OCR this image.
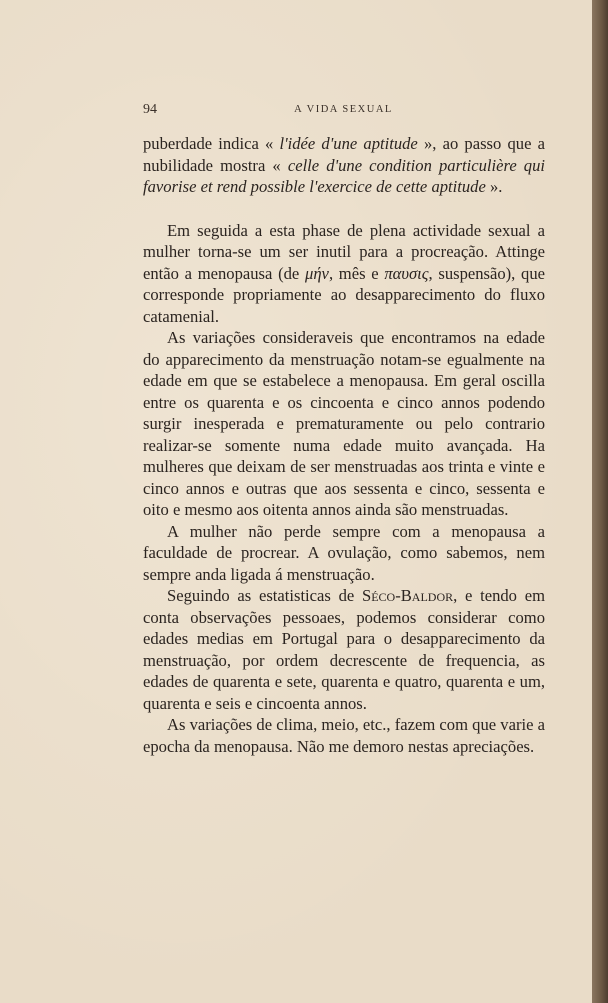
94	A VIDA SEXUAL

puberdade indica « l'idée d'une aptitude », ao passo que a nubilidade mostra « celle d'une condition particulière qui favorise et rend possible l'exercice de cette aptitude ».

Em seguida a esta phase de plena actividade sexual a mulher torna-se um ser inutil para a procreação. Attinge então a menopausa (de μήν, mês e παυσις, suspensão), que corresponde propriamente ao desapparecimento do fluxo catamenial.

As variações consideraveis que encontramos na edade do apparecimento da menstruação notam-se egualmente na edade em que se estabelece a menopausa. Em geral oscilla entre os quarenta e os cincoenta e cinco annos podendo surgir inesperada e prematuramente ou pelo contrario realizar-se somente numa edade muito avançada. Ha mulheres que deixam de ser menstruadas aos trinta e vinte e cinco annos e outras que aos sessenta e cinco, sessenta e oito e mesmo aos oitenta annos ainda são menstruadas.

A mulher não perde sempre com a menopausa a faculdade de procrear. A ovulação, como sabemos, nem sempre anda ligada á menstruação.

Seguindo as estatisticas de Séco-Baldor, e tendo em conta observações pessoaes, podemos considerar como edades medias em Portugal para o desapparecimento da menstruação, por ordem decrescente de frequencia, as edades de quarenta e sete, quarenta e quatro, quarenta e um, quarenta e seis e cincoenta annos.

As variações de clima, meio, etc., fazem com que varie a epocha da menopausa. Não me demoro nestas apreciações.
